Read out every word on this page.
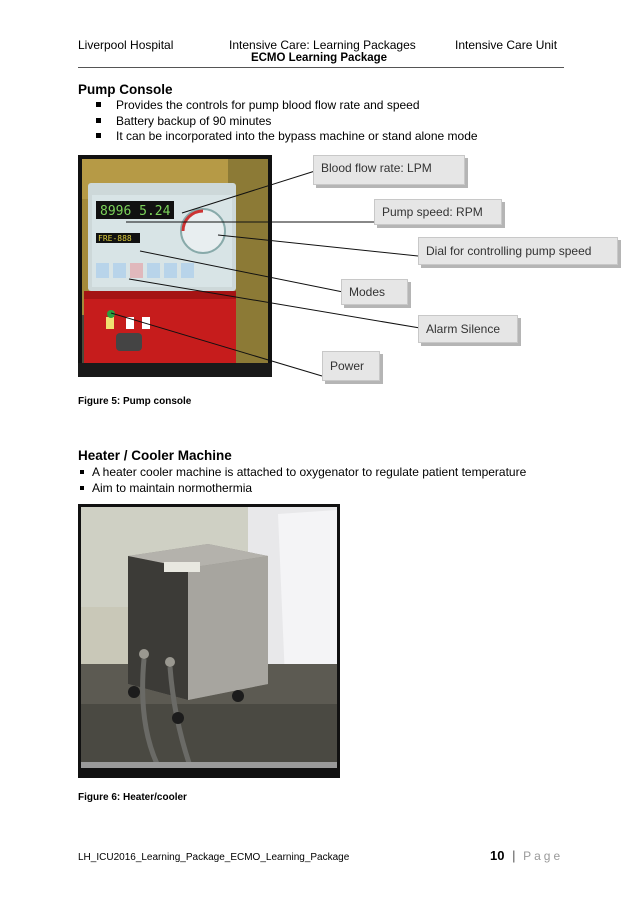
Liverpool Hospital	Intensive Care: Learning Packages	Intensive Care Unit
ECMO Learning Package
Pump Console
Provides the controls for pump blood flow rate and speed
Battery backup of 90 minutes
It can be incorporated into the bypass machine or stand alone mode
8996 5.24
FRE-888
Blood flow rate: LPM
Pump speed: RPM
Dial for controlling pump speed
Modes
Alarm Silence
Power
Figure 5: Pump console
Heater / Cooler Machine
A heater cooler machine is attached to oxygenator to regulate patient temperature
Aim to maintain normothermia
Figure 6: Heater/cooler
LH_ICU2016_Learning_Package_ECMO_Learning_Package	10 | Page
